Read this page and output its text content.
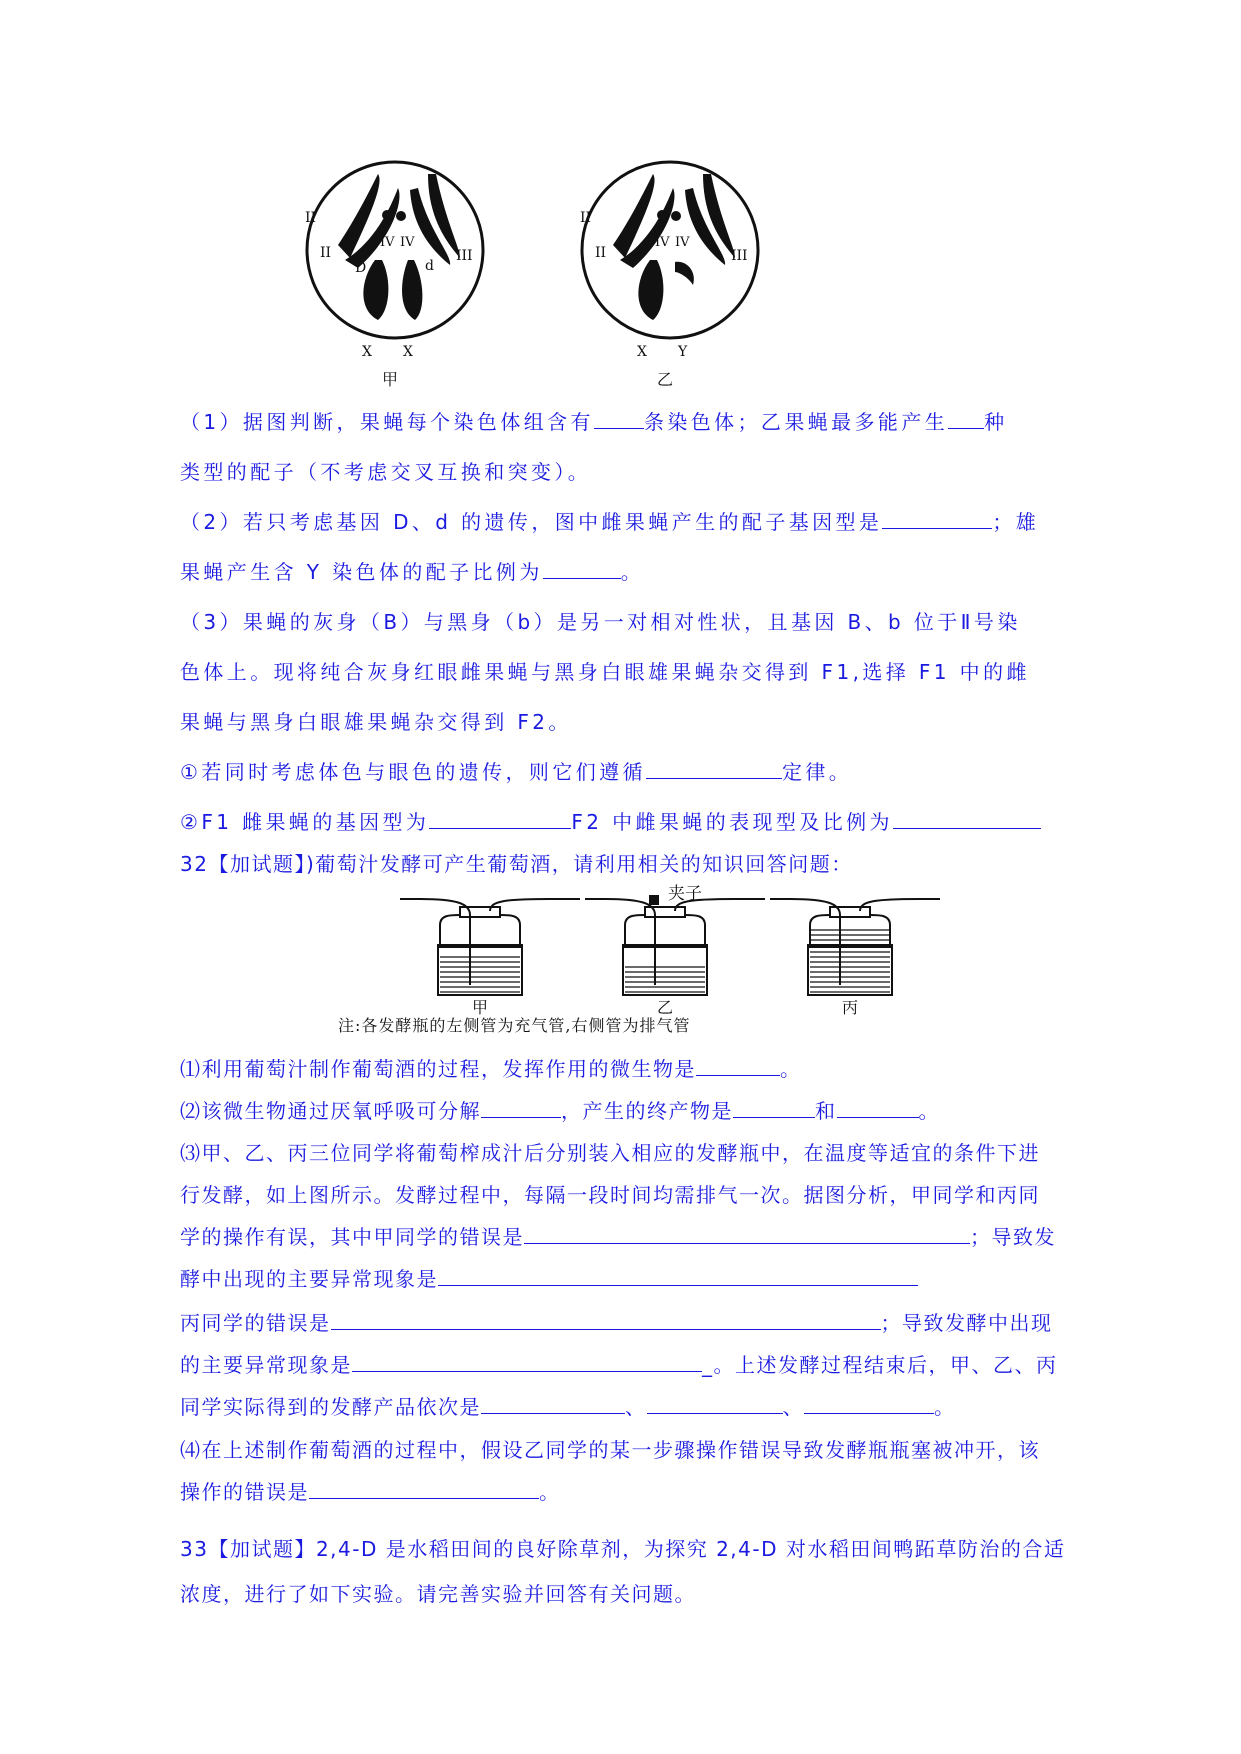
II
II
IV IV
III
D	d
X X
甲
II
II
IV IV
III
X Y
乙
（1）据图判断，果蝇每个染色体组含有	条染色体；乙果蝇最多能产生 种
类型的配子（不考虑交叉互换和突变）。
（2）若只考虑基因 D、d 的遗传，图中雌果蝇产生的配子基因型是	；雄
果蝇产生含 Y 染色体的配子比例为	。
（3）果蝇的灰身（B）与黑身（b）是另一对相对性状，且基因 B、b 位于Ⅱ号染
色体上。现将纯合灰身红眼雌果蝇与黑身白眼雄果蝇杂交得到 F1,选择 F1 中的雌
果蝇与黑身白眼雄果蝇杂交得到 F2。
①若同时考虑体色与眼色的遗传，则它们遵循	定律。
②F1 雌果蝇的基因型为	F2 中雌果蝇的表现型及比例为
32【加试题】)葡萄汁发酵可产生葡萄酒，请利用相关的知识回答问题：
夹子
甲	乙	丙
注:各发酵瓶的左侧管为充气管,右侧管为排气管
⑴利用葡萄汁制作葡萄酒的过程，发挥作用的微生物是	。
⑵该微生物通过厌氧呼吸可分解	，产生的终产物是	和	。
⑶甲、乙、丙三位同学将葡萄榨成汁后分别装入相应的发酵瓶中，在温度等适宜的条件下进
行发酵，如上图所示。发酵过程中，每隔一段时间均需排气一次。据图分析，甲同学和丙同
学的操作有误，其中甲同学的错误是	；导致发
酵中出现的主要异常现象是
丙同学的错误是	；导致发酵中出现
的主要异常现象是	_。上述发酵过程结束后，甲、乙、丙
同学实际得到的发酵产品依次是	、	、	。
⑷在上述制作葡萄酒的过程中，假设乙同学的某一步骤操作错误导致发酵瓶瓶塞被冲开，该
操作的错误是	。
33【加试题】2,4-D 是水稻田间的良好除草剂，为探究 2,4-D 对水稻田间鸭跖草防治的合适
浓度，进行了如下实验。请完善实验并回答有关问题。
